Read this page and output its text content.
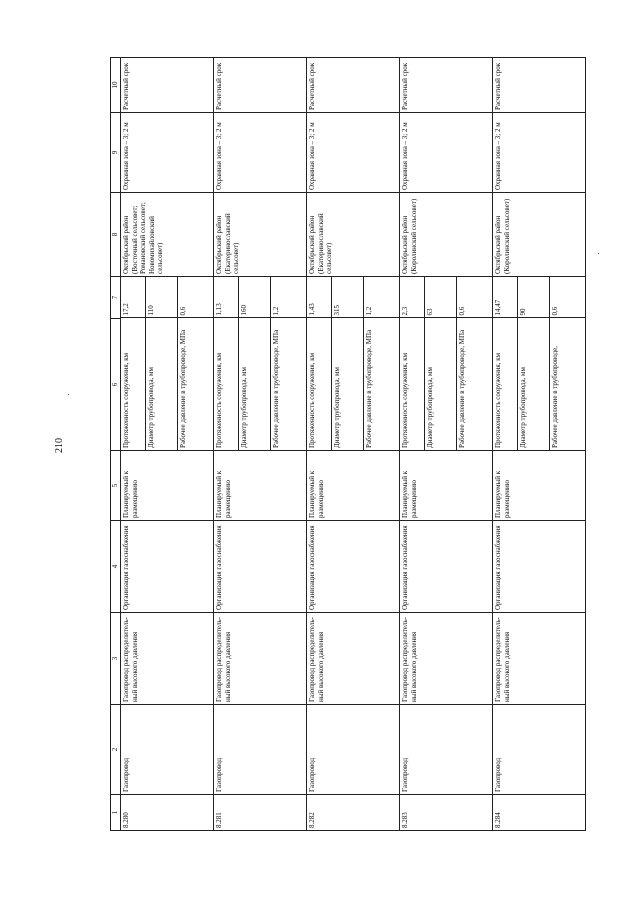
210
1	2	3	4	5	6	7	8	9	10
8.280	Газопровод	Газопровод распределитель-ный высокого давления	Организация газоснабжения	Планируемый к размещению	
Протяженность сооружения, км	17,2
Диаметр трубопровода, мм	110
Рабочее давление в трубопроводе, МПа	0,6
	Октябрьский район (Восточный сельсовет; Романовский сельсовет; Новомихайловский сельсовет)	Охранная зона – 3; 2 м	Расчетный срок
8.281	Газопровод	Газопровод распределитель-ный высокого давления	Организация газоснабжения	Планируемый к размещению	
Протяженность сооружения, км	1,13
Диаметр трубопровода, мм	160
Рабочее давление в трубопроводе, МПа	1,2
	Октябрьский район (Екатеринославский сельсовет)	Охранная зона – 3; 2 м	Расчетный срок
8.282	Газопровод	Газопровод распределитель-ный высокого давления	Организация газоснабжения	Планируемый к размещению	
Протяженность сооружения, км	1,43
Диаметр трубопровода, мм	315
Рабочее давление в трубопроводе, МПа	1,2
	Октябрьский район (Екатеринославский сельсовет)	Охранная зона – 3; 2 м	Расчетный срок
8.283	Газопровод	Газопровод распределитель-ный высокого давления	Организация газоснабжения	Планируемый к размещению	
Протяженность сооружения, км	2,3
Диаметр трубопровода, мм	63
Рабочее давление в трубопроводе, МПа	0,6
	Октябрьский район (Королинский сельсовет)	Охранная зона – 3; 2 м	Расчетный срок
8.284	Газопровод	Газопровод распределитель-ный высокого давления	Организация газоснабжения	Планируемый к размещению	
Протяженность сооружения, км	14,47
Диаметр трубопровода, мм	90
Рабочее давление в трубопроводе,	0,6
	Октябрьский район (Королинский сельсовет)	Охранная зона – 3; 2 м	Расчетный срок
